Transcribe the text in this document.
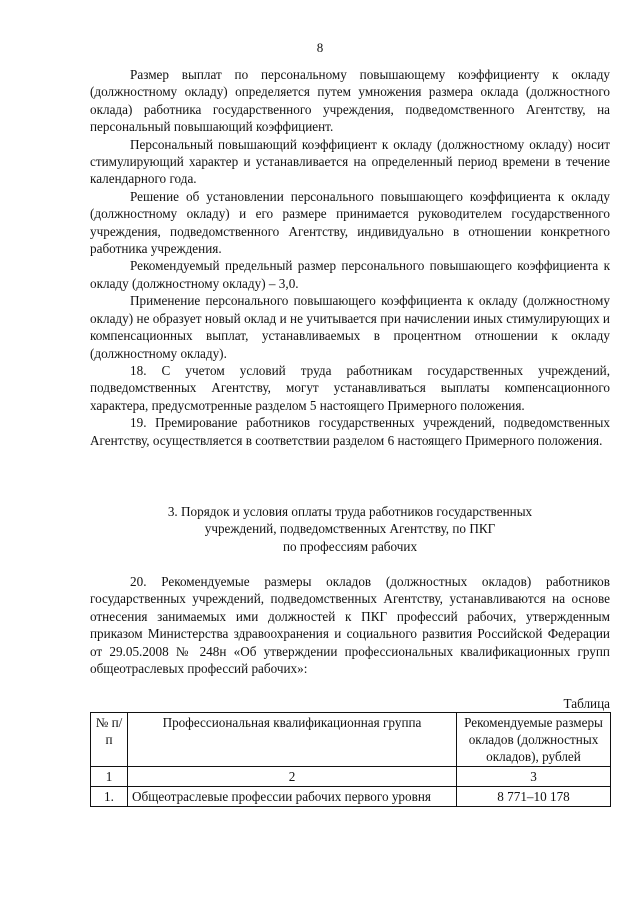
8

Размер выплат по персональному повышающему коэффициенту к окладу (должностному окладу) определяется путем умножения размера оклада (должностного оклада) работника государственного учреждения, подведомственного Агентству, на персональный повышающий коэффициент.

Персональный повышающий коэффициент к окладу (должностному окладу) носит стимулирующий характер и устанавливается на определенный период времени в течение календарного года.

Решение об установлении персонального повышающего коэффициента к окладу (должностному окладу) и его размере принимается руководителем государственного учреждения, подведомственного Агентству, индивидуально в отношении конкретного работника учреждения.

Рекомендуемый предельный размер персонального повышающего коэффициента к окладу (должностному окладу) – 3,0.

Применение персонального повышающего коэффициента к окладу (должностному окладу) не образует новый оклад и не учитывается при начислении иных стимулирующих и компенсационных выплат, устанавливаемых в процентном отношении к окладу (должностному окладу).

18. С учетом условий труда работникам государственных учреждений, подведомственных Агентству, могут устанавливаться выплаты компенсационного характера, предусмотренные разделом 5 настоящего Примерного положения.

19. Премирование работников государственных учреждений, подведомственных Агентству, осуществляется в соответствии разделом 6 настоящего Примерного положения.

3. Порядок и условия оплаты труда работников государственных
учреждений, подведомственных Агентству, по ПКГ
по профессиям рабочих

20. Рекомендуемые размеры окладов (должностных окладов) работников государственных учреждений, подведомственных Агентству, устанавливаются на основе отнесения занимаемых ими должностей к ПКГ профессий рабочих, утвержденным приказом Министерства здравоохранения и социального развития Российской Федерации от 29.05.2008 № 248н «Об утверждении профессиональных квалификационных групп общеотраслевых профессий рабочих»:

Таблица
№ п/п	Профессиональная квалификационная группа	Рекомендуемые размеры окладов (должностных окладов), рублей
1	2	3
1.	Общеотраслевые профессии рабочих первого уровня	8 771–10 178
